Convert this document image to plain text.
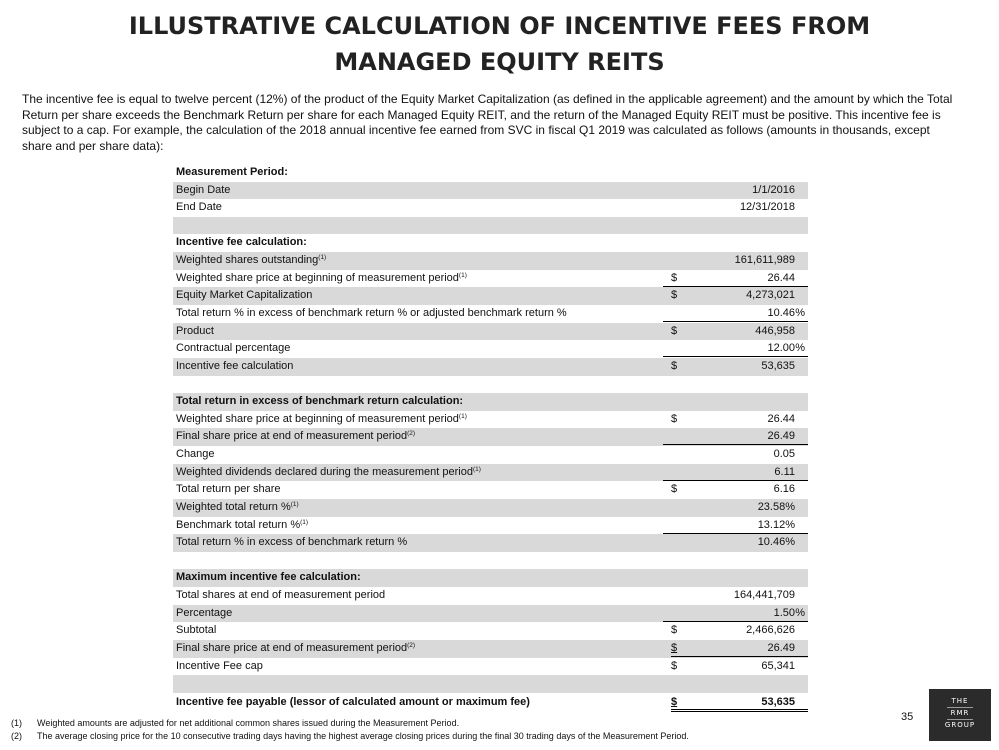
ILLUSTRATIVE CALCULATION OF INCENTIVE FEES FROM
MANAGED EQUITY REITS
The incentive fee is equal to twelve percent (12%) of the product of the Equity Market Capitalization (as defined in the applicable agreement) and the amount by which the Total Return per share exceeds the Benchmark Return per share for each Managed Equity REIT, and the return of the Managed Equity REIT must be positive. This incentive fee is subject to a cap. For example, the calculation of the 2018 annual incentive fee earned from SVC in fiscal Q1 2019 was calculated as follows (amounts in thousands, except share and per share data):
Measurement Period:
Begin Date	1/1/2016
End Date	12/31/2018
Incentive fee calculation:
Weighted shares outstanding$^{(1)}$	161,611,989
Weighted share price at beginning of measurement period$^{(1)}$	$	26.44
Equity Market Capitalization	$	4,273,021
Total return % in excess of benchmark return % or adjusted benchmark return %	10.46 %
Product	$	446,958
Contractual percentage	12.00 %
Incentive fee calculation	$	53,635
Total return in excess of benchmark return calculation:
Weighted share price at beginning of measurement period$^{(1)}$	$	26.44
Final share price at end of measurement period$^{(2)}$	26.49
Change	0.05
Weighted dividends declared during the measurement period$^{(1)}$	6.11
Total return per share	$	6.16
Weighted total return %$^{(1)}$	23.58%
Benchmark total return %$^{(1)}$	13.12%
Total return % in excess of benchmark return %	10.46%
Maximum incentive fee calculation:
Total shares at end of measurement period	164,441,709
Percentage	1.50 %
Subtotal	$	2,466,626
Final share price at end of measurement period$^{(2)}$	$	26.49
Incentive Fee cap	$	65,341
Incentive fee payable (lessor of calculated amount or maximum fee)	$	53,635
35
THE
RMR
GROUP
(1) Weighted amounts are adjusted for net additional common shares issued during the Measurement Period.
(2) The average closing price for the 10 consecutive trading days having the highest average closing prices during the final 30 trading days of the Measurement Period.
